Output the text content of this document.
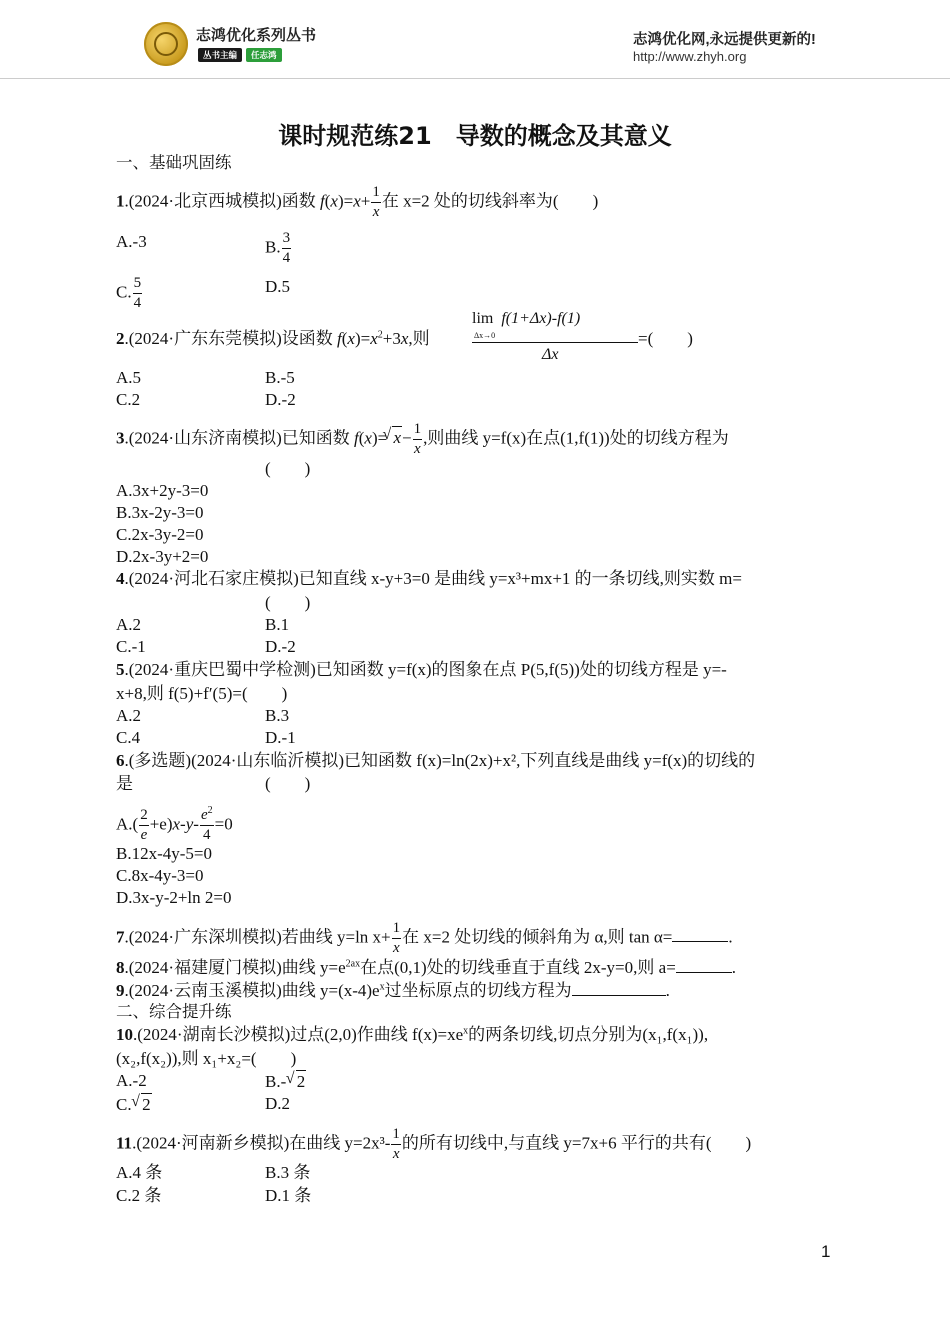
志鸿优化系列丛书
丛书主编	任志鸿
志鸿优化网,永远提供更新的!
http://www.zhyh.org
课时规范练21　导数的概念及其意义
一、基础巩固练
1.(2024·北京西城模拟)函数 $f(x)=x+ \frac{1}{x}$ 在 x=2 处的切线斜率为(　　)
A.-3	B. $\frac{3}{4}$
C. $\frac{5}{4}$	D.5
2.(2024·广东东莞模拟)设函数 $f(x)=x^2+3x$,则
lim f(1+Δx)-f(1)
Δx→0
Δx
=(　　)
A.5	B.-5
C.2	D.-2
3.(2024·山东济南模拟)已知函数 f(x)= √ $x- \frac{1}{x}$ ,则曲线 y=f(x)在点(1,f(1))处的切线方程为
(　　)
A.3x+2y-3=0
B.3x-2y-3=0
C.2x-3y-2=0
D.2x-3y+2=0
4.(2024·河北石家庄模拟)已知直线 x-y+3=0 是曲线 y=x³+mx+1 的一条切线,则实数 m=
(　　)
A.2	B.1
C.-1	D.-2
5.(2024·重庆巴蜀中学检测)已知函数 y=f(x)的图象在点 P(5,f(5))处的切线方程是 y=-
x+8,则 f(5)+f′(5)=(　　)
A.2	B.3
C.4	D.-1
6.(多选题)(2024·山东临沂模拟)已知函数 f(x)=ln(2x)+x²,下列直线是曲线 y=f(x)的切线的
是	(　　)
$A.( \frac{2}{e} +e)x-y- \frac{e^2}{4} =0$
B.12x-4y-5=0
C.8x-4y-3=0
D.3x-y-2+ln 2=0
7.(2024·广东深圳模拟)若曲线 y=ln $x+ \frac{1}{x}$ 在 x=2 处切线的倾斜角为 α,则 tan α=	.
8.(2024·福建厦门模拟)曲线 $y=e^{2ax}$在点(0,1)处的切线垂直于直线 2x-y=0,则 a=	.
9.(2024·云南玉溪模拟)曲线 $y=(x-4)e^x$过坐标原点的切线方程为	.
二、综合提升练
10.(2024·湖南长沙模拟)过点(2,0)作曲线 $f(x)=xe^x$的两条切线,切点分别为(x₁,f(x₁)),
(x₂,f(x₂)),则 x₁+x₂=(　　)
A.-2	B.- √ 2
C. √ 2	D.2
11.(2024·河南新乡模拟)在曲线 $y=2x^3- \frac{1}{x}$ 的所有切线中,与直线 y=7x+6 平行的共有(　　)
A.4 条	B.3 条
C.2 条	D.1 条
1
